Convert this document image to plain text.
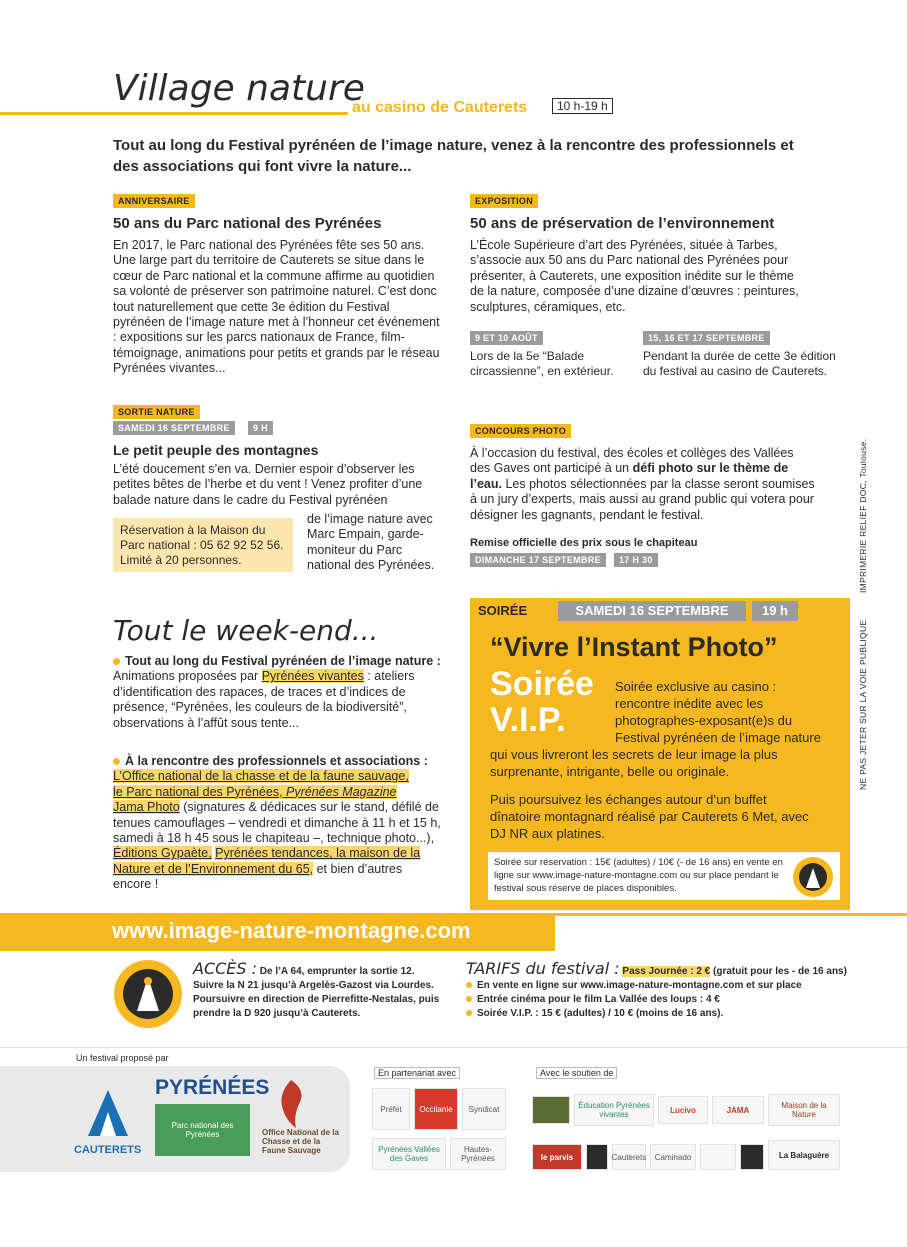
Village nature
au casino de Cauterets	10 h-19 h
Tout au long du Festival pyrénéen de l’image nature, venez à la rencontre des professionnels et des associations qui font vivre la nature...
ANNIVERSAIRE
50 ans du Parc national des Pyrénées
En 2017, le Parc national des Pyrénées fête ses 50 ans. Une large part du territoire de Cauterets se situe dans le cœur de Parc national et la commune affirme au quotidien sa volonté de préserver son patrimoine naturel. C’est donc tout naturellement que cette 3e édition du Festival pyrénéen de l’image nature met à l’honneur cet événement : expositions sur les parcs nationaux de France, film-témoignage, animations pour petits et grands par le réseau Pyrénées vivantes...
EXPOSITION
50 ans de préservation de l’environnement
L’École Supérieure d’art des Pyrénées, située à Tarbes, s’associe aux 50 ans du Parc national des Pyrénées pour présenter, à Cauterets, une exposition inédite sur le thème de la nature, composée d’une dizaine d’œuvres : peintures, sculptures, céramiques, etc.
9 ET 10 AOÛT
Lors de la 5e “Balade circassienne”, en extérieur.
15, 16 ET 17 SEPTEMBRE
Pendant la durée de cette 3e édition du festival au casino de Cauterets.
SORTIE NATURE
SAMEDI 16 SEPTEMBRE	9 H
Le petit peuple des montagnes
L’été doucement s’en va. Dernier espoir d’observer les petites bêtes de l’herbe et du vent ! Venez profiter d’une balade nature dans le cadre du Festival pyrénéen
Réservation à la Maison du Parc national : 05 62 92 52 56. Limité à 20 personnes.
de l’image nature avec Marc Empain, garde-moniteur du Parc national des Pyrénées.
CONCOURS PHOTO
À l’occasion du festival, des écoles et collèges des Vallées des Gaves ont participé à un défi photo sur le thème de l’eau. Les photos sélectionnées par la classe seront soumises à un jury d’experts, mais aussi au grand public qui votera pour désigner les gagnants, pendant le festival.
Remise officielle des prix sous le chapiteau
DIMANCHE 17 SEPTEMBRE	17 H 30	NE PAS JETER SUR LA VOIE PUBLIQUE          IMPRIMERIE RELIEF DOC, Toulouse.
Tout le week-end...
Tout au long du Festival pyrénéen de l’image nature :
Animations proposées par Pyrénées vivantes : ateliers d’identification des rapaces, de traces et d’indices de présence, “Pyrénées, les couleurs de la biodiversité”, observations à l’affût sous tente...
À la rencontre des professionnels et associations :
L’Office national de la chasse et de la faune sauvage,
le Parc national des Pyrénées, Pyrénées Magazine
Jama Photo (signatures & dédicaces sur le stand, défilé de tenues camouflages – vendredi et dimanche à 11 h et 15 h, samedi à 18 h 45 sous le chapiteau –, technique photo...), Éditions Gypaète, Pyrénées tendances, la maison de la Nature et de l’Environnement du 65, et bien d’autres encore !
SOIRÉE	SAMEDI 16 SEPTEMBRE	19 h
“Vivre l’Instant Photo”
Soirée
V.I.P.
Soirée exclusive au casino : rencontre inédite avec les photographes-exposant(e)s du Festival pyrénéen de l’image nature qui vous livreront les secrets de leur image la plus surprenante, intrigante, belle ou originale.
Puis poursuivez les échanges autour d’un buffet dînatoire montagnard réalisé par Cauterets 6 Met, avec DJ NR aux platines.
Soirée sur réservation : 15€ (adultes) / 10€ (- de 16 ans) en vente en ligne sur www.image-nature-montagne.com ou sur place pendant le festival sous réserve de places disponibles.
www.image-nature-montagne.com
ACCÈS : De l’A 64, emprunter la sortie 12.
Suivre la N 21 jusqu’à Argelès-Gazost via Lourdes. Poursuivre en direction de Pierrefitte-Nestalas, puis prendre la D 920 jusqu’à Cauterets.
TARIFS du festival : Pass Journée : 2 € (gratuit pour les - de 16 ans)
En vente en ligne sur www.image-nature-montagne.com et sur place
Entrée cinéma pour le film La Vallée des loups : 4 €
Soirée V.I.P. : 15 € (adultes) / 10 € (moins de 16 ans).
Un festival proposé par
CAUTERETS
PYRÉNÉES
Parc national des Pyrénées	Office National de la Chasse et de la Faune Sauvage
En partenariat avec
Préfet Occitanie Syndicat
Pyrénées Vallées des Gaves
Hautes-Pyrénées
Avec le soutien de
Éducation Pyrénées vivantes	Lucivo	JAMA	Maison de la Nature
le parvis	Cauterets Caminado	La Balaguère
